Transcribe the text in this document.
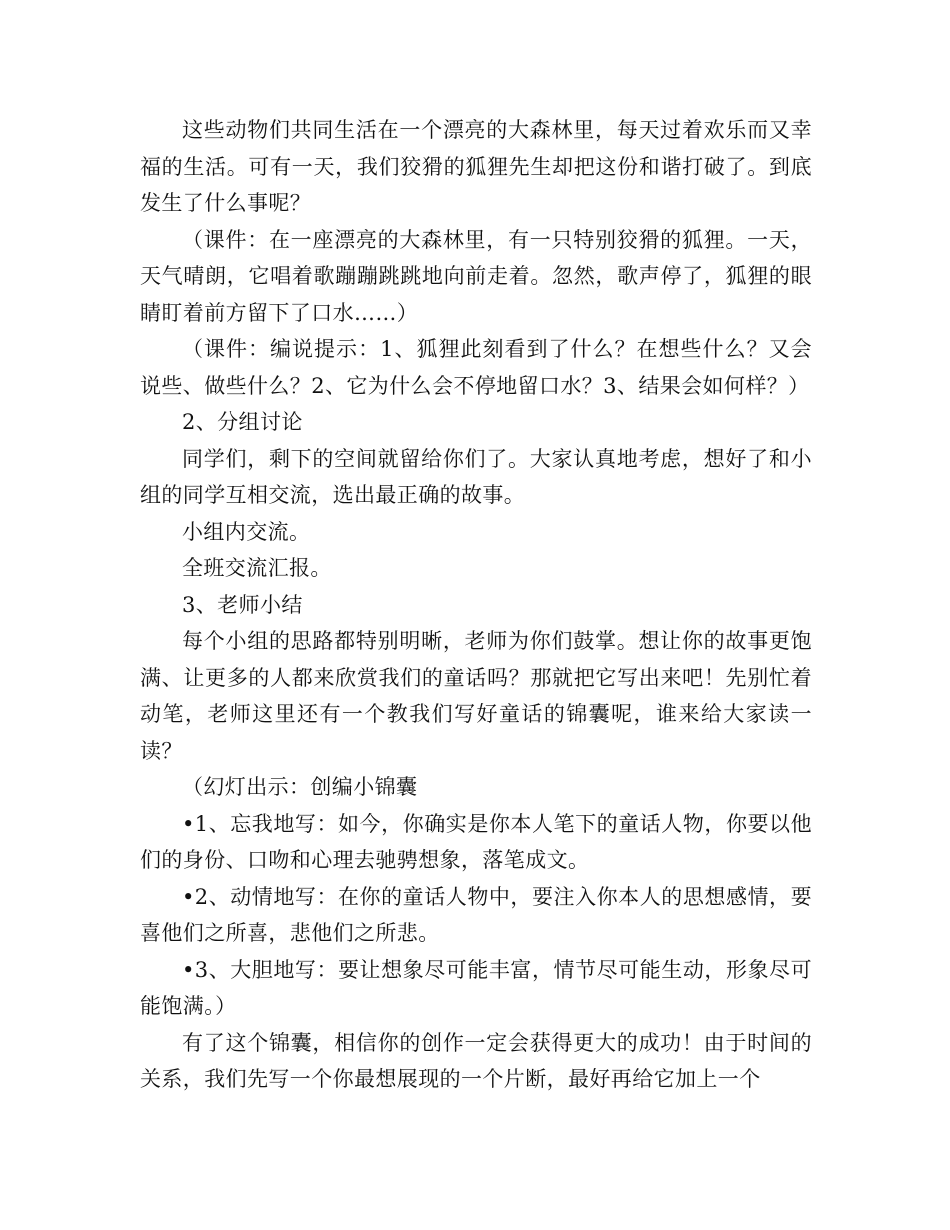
这些动物们共同生活在一个漂亮的大森林里，每天过着欢乐而又幸福的生活。可有一天，我们狡猾的狐狸先生却把这份和谐打破了。到底发生了什么事呢？

（课件：在一座漂亮的大森林里，有一只特别狡猾的狐狸。一天，天气晴朗，它唱着歌蹦蹦跳跳地向前走着。忽然，歌声停了，狐狸的眼睛盯着前方留下了口水……）

（课件：编说提示：1、狐狸此刻看到了什么？在想些什么？又会说些、做些什么？2、它为什么会不停地留口水？3、结果会如何样？）

2、分组讨论

同学们，剩下的空间就留给你们了。大家认真地考虑，想好了和小组的同学互相交流，选出最正确的故事。

小组内交流。

全班交流汇报。

3、老师小结

每个小组的思路都特别明晰，老师为你们鼓掌。想让你的故事更饱满、让更多的人都来欣赏我们的童话吗？那就把它写出来吧！先别忙着动笔，老师这里还有一个教我们写好童话的锦囊呢，谁来给大家读一读？

（幻灯出示：创编小锦囊

•1、忘我地写：如今，你确实是你本人笔下的童话人物，你要以他们的身份、口吻和心理去驰骋想象，落笔成文。

•2、动情地写：在你的童话人物中，要注入你本人的思想感情，要喜他们之所喜，悲他们之所悲。

•3、大胆地写：要让想象尽可能丰富，情节尽可能生动，形象尽可能饱满。）

有了这个锦囊，相信你的创作一定会获得更大的成功！由于时间的关系，我们先写一个你最想展现的一个片断，最好再给它加上一个
